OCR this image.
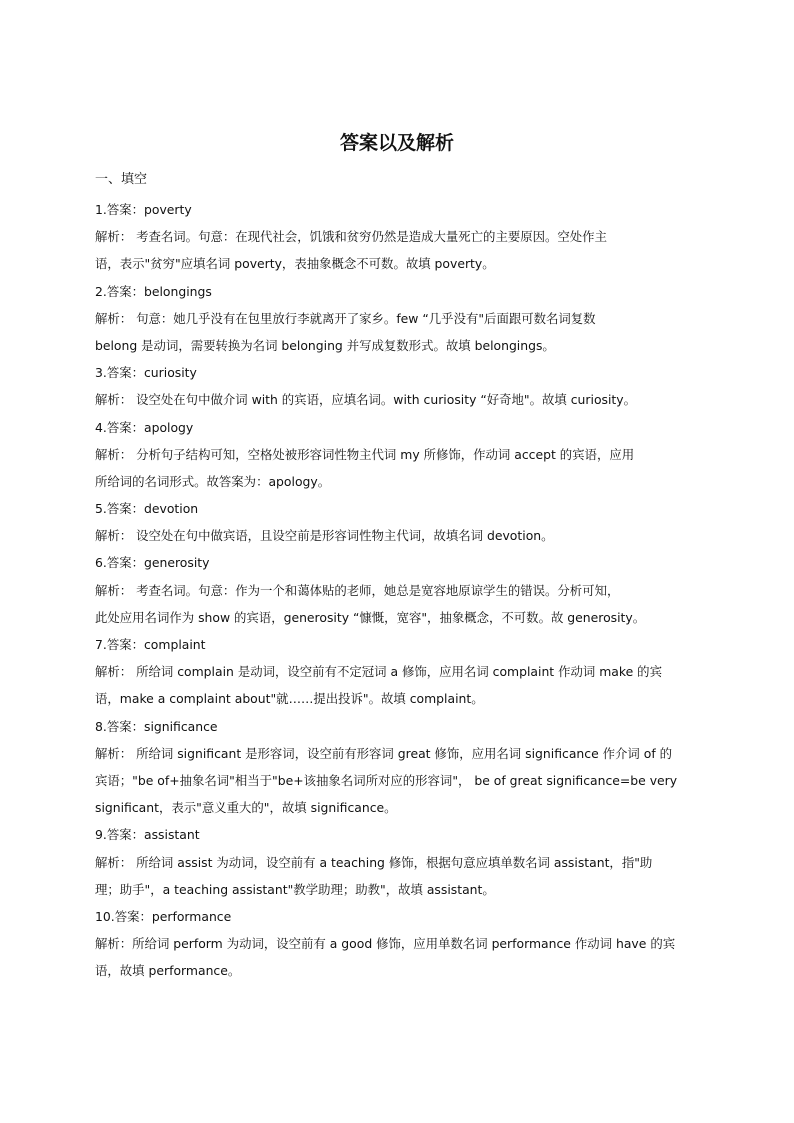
答案以及解析
一、填空
1.答案：poverty
解析： 考查名词。句意：在现代社会，饥饿和贫穷仍然是造成大量死亡的主要原因。空处作主
语，表示"贫穷"应填名词 poverty，表抽象概念不可数。故填 poverty。
2.答案：belongings
解析： 句意：她几乎没有在包里放行李就离开了家乡。few “几乎没有"后面跟可数名词复数
belong 是动词，需要转换为名词 belonging 并写成复数形式。故填 belongings。
3.答案：curiosity
解析： 设空处在句中做介词 with 的宾语，应填名词。with curiosity “好奇地"。故填 curiosity。
4.答案：apology
解析： 分析句子结构可知，空格处被形容词性物主代词 my 所修饰，作动词 accept 的宾语，应用
所给词的名词形式。故答案为：apology。
5.答案：devotion
解析： 设空处在句中做宾语，且设空前是形容词性物主代词，故填名词 devotion。
6.答案：generosity
解析： 考查名词。句意：作为一个和蔼体贴的老师，她总是宽容地原谅学生的错误。分析可知，
此处应用名词作为 show 的宾语，generosity “慷慨，宽容"，抽象概念，不可数。故 generosity。
7.答案：complaint
解析： 所给词 complain 是动词，设空前有不定冠词 a 修饰，应用名词 complaint 作动词 make 的宾
语，make a complaint about"就……提出投诉"。故填 complaint。
8.答案：significance
解析： 所给词 significant 是形容词，设空前有形容词 great 修饰，应用名词 significance 作介词 of 的
宾语；"be of+抽象名词"相当于"be+该抽象名词所对应的形容词"， be of great significance=be very
significant，表示"意义重大的"，故填 significance。
9.答案：assistant
解析： 所给词 assist 为动词，设空前有 a teaching 修饰，根据句意应填单数名词 assistant，指"助
理；助手"，a teaching assistant"教学助理；助教"，故填 assistant。
10.答案：performance
解析：所给词 perform 为动词，设空前有 a good 修饰，应用单数名词 performance 作动词 have 的宾
语，故填 performance。
